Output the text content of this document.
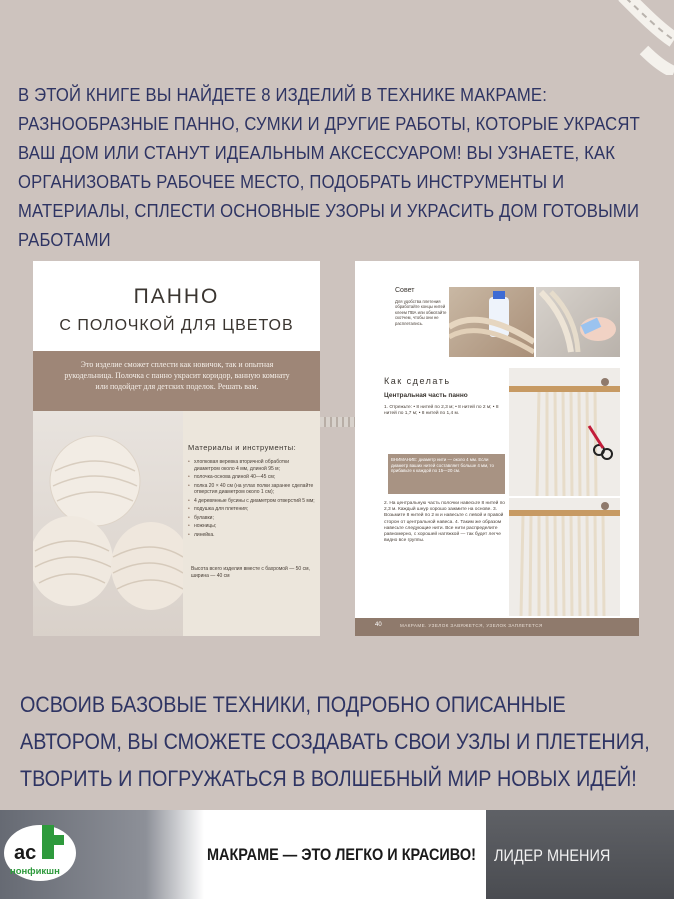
В ЭТОЙ КНИГЕ ВЫ НАЙДЕТЕ 8 ИЗДЕЛИЙ В ТЕХНИКЕ МАКРАМЕ: РАЗНООБРАЗНЫЕ ПАННО, СУМКИ И ДРУГИЕ РАБОТЫ, КОТОРЫЕ УКРАСЯТ ВАШ ДОМ ИЛИ СТАНУТ ИДЕАЛЬНЫМ АКСЕССУАРОМ! ВЫ УЗНАЕТЕ, КАК ОРГАНИЗОВАТЬ РАБОЧЕЕ МЕСТО, ПОДОБРАТЬ ИНСТРУМЕНТЫ И МАТЕРИАЛЫ, СПЛЕСТИ ОСНОВНЫЕ УЗОРЫ И УКРАСИТЬ ДОМ ГОТОВЫМИ РАБОТАМИ
ПАННО
С ПОЛОЧКОЙ ДЛЯ ЦВЕТОВ
Это изделие сможет сплести как новичок, так и опытная рукодельница. Полочка с панно украсит коридор, ванную комнату или подойдет для детских поделок. Решать вам.
Материалы и инструменты:
• хлопковая веревка вторичной обработки диаметром около 4 мм, длиной 95 м;
• полочка-основа длиной 40—45 см;
• полка 20 × 40 см (на углах полки заранее сделайте отверстия диаметром около 1 см);
• 4 деревянные бусины с диаметром отверстий 5 мм;
• подушка для плетения;
• булавки;
• ножницы;
• линейка.
Высота всего изделия вместе с бахромой — 50 см, ширина — 40 см
Совет
Для удобства плетения обработайте концы нитей клеем ПВА или обмотайте скотчем, чтобы они не расплетались.
Как сделать
Центральная часть панно
1. Отрежьте: • 8 нитей по 2,3 м; • 8 нитей по 2 м; • 8 нитей по 1,7 м; • 8 нитей по 1,4 м.
ВНИМАНИЕ: диаметр нити — около 4 мм. Если диаметр ваших нитей составляет больше 4 мм, то прибавьте к каждой по 15—20 см.
2. На центральную часть полочки навесьте 8 нитей по 2,3 м. Каждый шнур хорошо зажмите на основе. 3. Возьмите 8 нитей по 2 м и навесьте с левой и правой сторон от центральной навеса. 4. Таким же образом навесьте следующие нити. Все нити распределите равномерно, с хорошей натяжкой — так будет легче видно все группы.
40	МАКРАМЕ. УЗЕЛОК ЗАВЯЖЕТСЯ, УЗЕЛОК ЗАПЛЕТЕТСЯ
ОСВОИВ БАЗОВЫЕ ТЕХНИКИ, ПОДРОБНО ОПИСАННЫЕ АВТОРОМ, ВЫ СМОЖЕТЕ СОЗДАВАТЬ СВОИ УЗЛЫ И ПЛЕТЕНИЯ, ТВОРИТЬ И ПОГРУЖАТЬСЯ В ВОЛШЕБНЫЙ МИР НОВЫХ ИДЕЙ!
ac
нонфикшн
МАКРАМЕ — ЭТО ЛЕГКО И КРАСИВО! ЛИДЕР МНЕНИЯ
